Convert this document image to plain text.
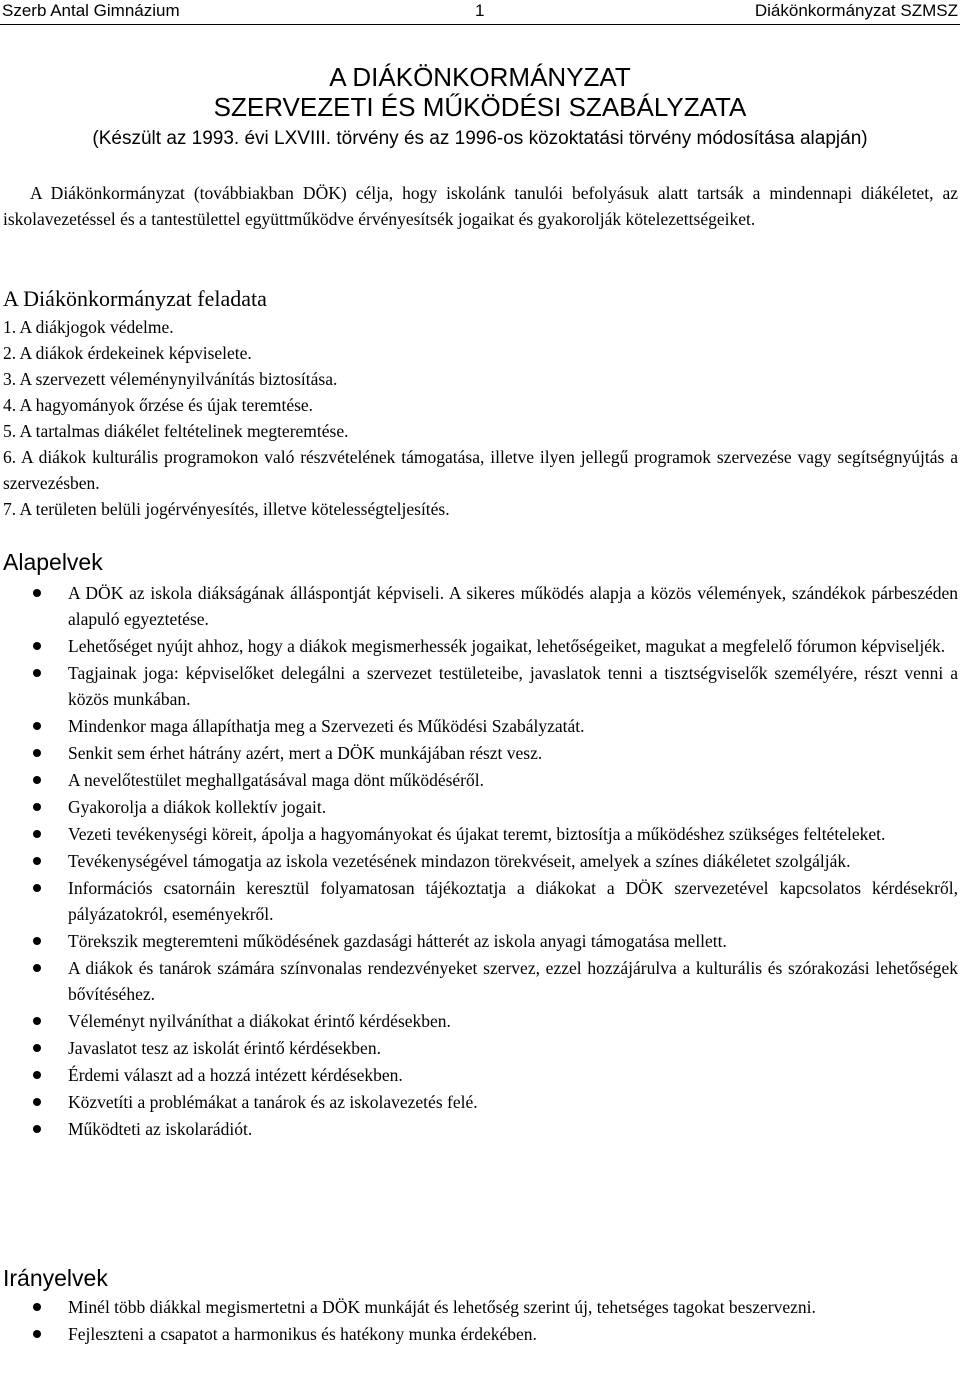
Szerb Antal Gimnázium	1	Diákönkormányzat SZMSZ
A DIÁKÖNKORMÁNYZAT
SZERVEZETI ÉS MŰKÖDÉSI SZABÁLYZATA
(Készült az 1993. évi LXVIII. törvény és az 1996-os közoktatási törvény módosítása alapján)

A Diákönkormányzat (továbbiakban DÖK) célja, hogy iskolánk tanulói befolyásuk alatt tartsák a mindennapi diákéletet, az iskolavezetéssel és a tantestülettel együttműködve érvényesítsék jogaikat és gyakorolják kötelezettségeiket.

A Diákönkormányzat feladata
1. A diákjogok védelme.
2. A diákok érdekeinek képviselete.
3. A szervezett véleménynyilvánítás biztosítása.
4. A hagyományok őrzése és újak teremtése.
5. A tartalmas diákélet feltételinek megteremtése.
6. A diákok kulturális programokon való részvételének támogatása, illetve ilyen jellegű programok szervezése vagy segítségnyújtás a szervezésben.
7. A területen belüli jogérvényesítés, illetve kötelességteljesítés.
Alapelvek
A DÖK az iskola diákságának álláspontját képviseli. A sikeres működés alapja a közös vélemények, szándékok párbeszéden alapuló egyeztetése.
Lehetőséget nyújt ahhoz, hogy a diákok megismerhessék jogaikat, lehetőségeiket, magukat a megfelelő fórumon képviseljék.
Tagjainak joga: képviselőket delegálni a szervezet testületeibe, javaslatok tenni a tisztségviselők személyére, részt venni a közös munkában.
Mindenkor maga állapíthatja meg a Szervezeti és Működési Szabályzatát.
Senkit sem érhet hátrány azért, mert a DÖK munkájában részt vesz.
A nevelőtestület meghallgatásával maga dönt működéséről.
Gyakorolja a diákok kollektív jogait.
Vezeti tevékenységi köreit, ápolja a hagyományokat és újakat teremt, biztosítja a működéshez szükséges feltételeket.
Tevékenységével támogatja az iskola vezetésének mindazon törekvéseit, amelyek a színes diákéletet szolgálják.
Információs csatornáin keresztül folyamatosan tájékoztatja a diákokat a DÖK szervezetével kapcsolatos kérdésekről, pályázatokról, eseményekről.
Törekszik megteremteni működésének gazdasági hátterét az iskola anyagi támogatása mellett.
A diákok és tanárok számára színvonalas rendezvényeket szervez, ezzel hozzájárulva a kulturális és szórakozási lehetőségek bővítéséhez.
Véleményt nyilváníthat a diákokat érintő kérdésekben.
Javaslatot tesz az iskolát érintő kérdésekben.
Érdemi választ ad a hozzá intézett kérdésekben.
Közvetíti a problémákat a tanárok és az iskolavezetés felé.
Működteti az iskolarádiót.
Irányelvek
Minél több diákkal megismertetni a DÖK munkáját és lehetőség szerint új, tehetséges tagokat beszervezni.
Fejleszteni a csapatot a harmonikus és hatékony munka érdekében.
